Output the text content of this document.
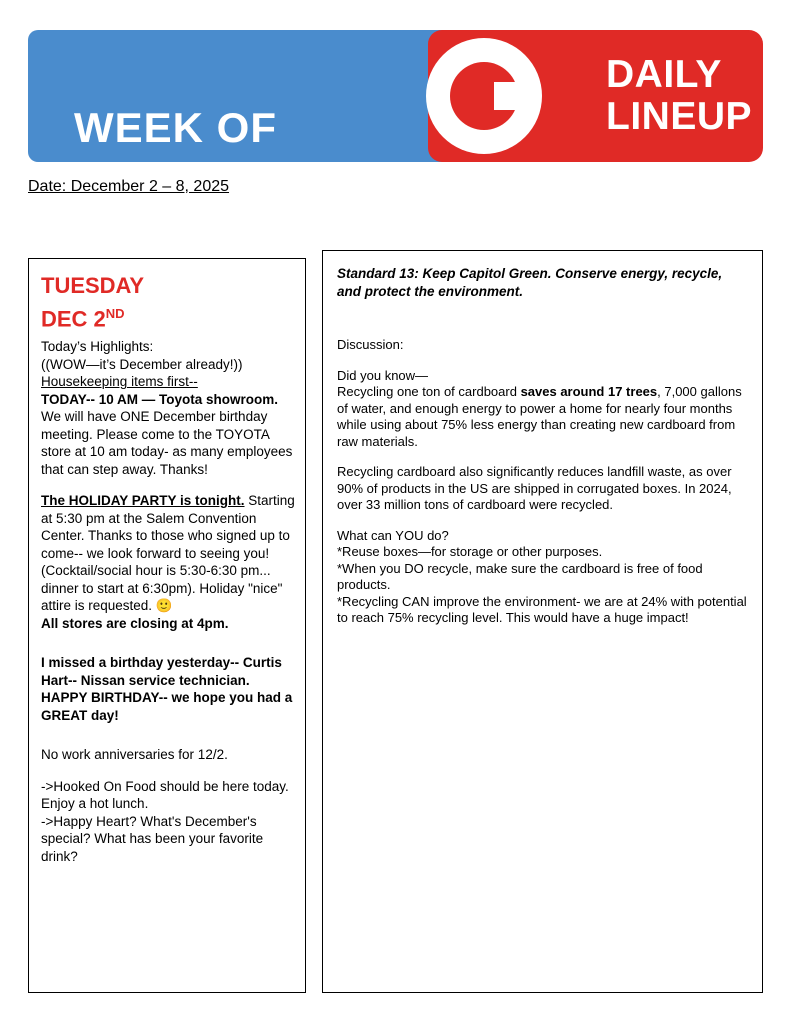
WEEK OF
DAILY
LINEUP
Date: December 2 – 8, 2025
TUESDAY
DEC 2ND

Today’s Highlights:

((WOW—it’s December already!))

Housekeeping items first--

TODAY-- 10 AM — Toyota showroom. We will have ONE December birthday meeting. Please come to the TOYOTA store at 10 am today- as many employees that can step away. Thanks!

The HOLIDAY PARTY is tonight. Starting at 5:30 pm at the Salem Convention Center. Thanks to those who signed up to come-- we look forward to seeing you! (Cocktail/social hour is 5:30-6:30 pm... dinner to start at 6:30pm). Holiday "nice" attire is requested. 🙂

All stores are closing at 4pm.

I missed a birthday yesterday-- Curtis Hart-- Nissan service technician. HAPPY BIRTHDAY-- we hope you had a GREAT day!

No work anniversaries for 12/2.

->Hooked On Food should be here today. Enjoy a hot lunch.

->Happy Heart? What's December's special? What has been your favorite drink?

Standard 13: Keep Capitol Green. Conserve energy, recycle, and protect the environment.

Discussion:

Did you know—

Recycling one ton of cardboard saves around 17 trees, 7,000 gallons of water, and enough energy to power a home for nearly four months while using about 75% less energy than creating new cardboard from raw materials.

Recycling cardboard also significantly reduces landfill waste, as over 90% of products in the US are shipped in corrugated boxes. In 2024, over 33 million tons of cardboard were recycled.

What can YOU do?

*Reuse boxes—for storage or other purposes.

*When you DO recycle, make sure the cardboard is free of food products.

*Recycling CAN improve the environment- we are at 24% with potential to reach 75% recycling level. This would have a huge impact!
